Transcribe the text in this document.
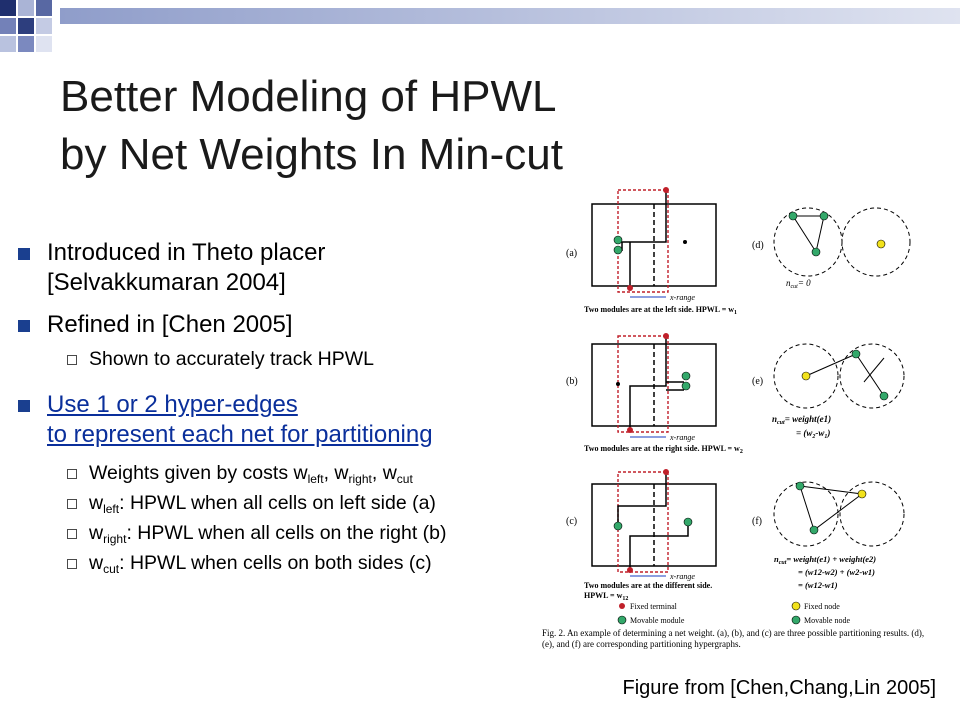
Better Modeling of HPWL
by Net Weights In Min-cut
Introduced in Theto placer
[Selvakkumaran 2004]
Refined in [Chen 2005]
Shown to accurately track HPWL
Use 1 or 2 hyper-edges
to represent each net for partitioning
Weights given by costs $w_{left}$, $w_{right}$, $w_{cut}$
$w_{left}$: HPWL when all cells on left side (a)
$w_{right}$: HPWL when all cells on the right (b)
$w_{cut}$: HPWL when cells on both sides (c)
(a)
x-range
Two modules are at the left side. HPWL = $w_1$
(d)
$n_{cut}= 0$
(b)
x-range
Two modules are at the right side. HPWL = $w_2$
(e)
$n_{cut}=$ weight(e1)
= $(w_2-w_1)$
(c)
x-range
Two modules are at the different side.
HPWL = $w_{12}$
(f)
$n_{cut}=$ weight(e1) + weight(e2)
= (w12-w2) + (w2-w1)
= (w12-w1)
Fixed terminal
Movable module
Fixed node
Movable node
Fig. 2. An example of determining a net weight. (a), (b), and (c) are three possible partitioning results. (d), (e), and (f) are corresponding partitioning hypergraphs.
Figure from [Chen,Chang,Lin 2005]
